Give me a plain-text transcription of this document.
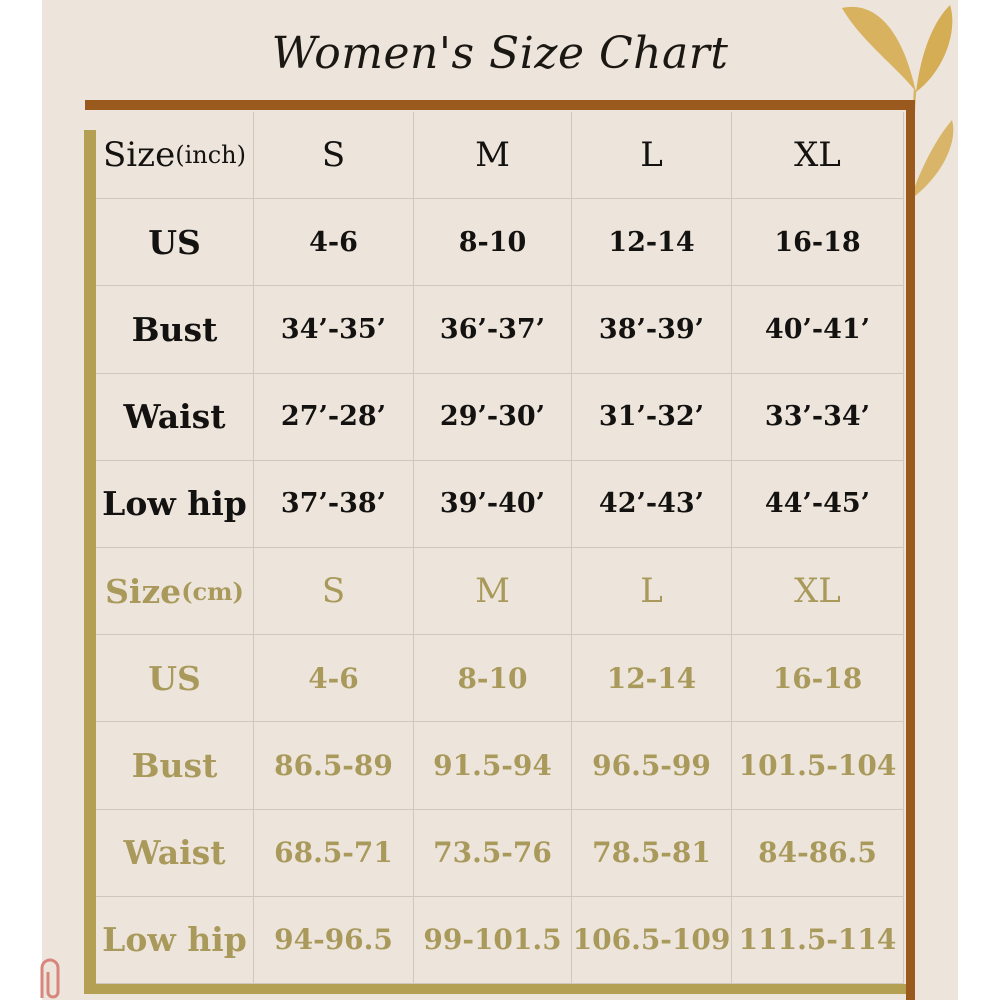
Women's Size Chart
Size (inch)	S	M	L	XL
US	4-6	8-10	12-14	16-18
Bust	34’-35’	36’-37’	38’-39’	40’-41’
Waist	27’-28’	29’-30’	31’-32’	33’-34’
Low hip	37’-38’	39’-40’	42’-43’	44’-45’
Size (cm)	S	M	L	XL
US	4-6	8-10	12-14	16-18
Bust	86.5-89	91.5-94	96.5-99 101.5-104
Waist	68.5-71	73.5-76	78.5-81	84-86.5
Low hip 94-96.5	99-101.5 106.5-109 111.5-114
